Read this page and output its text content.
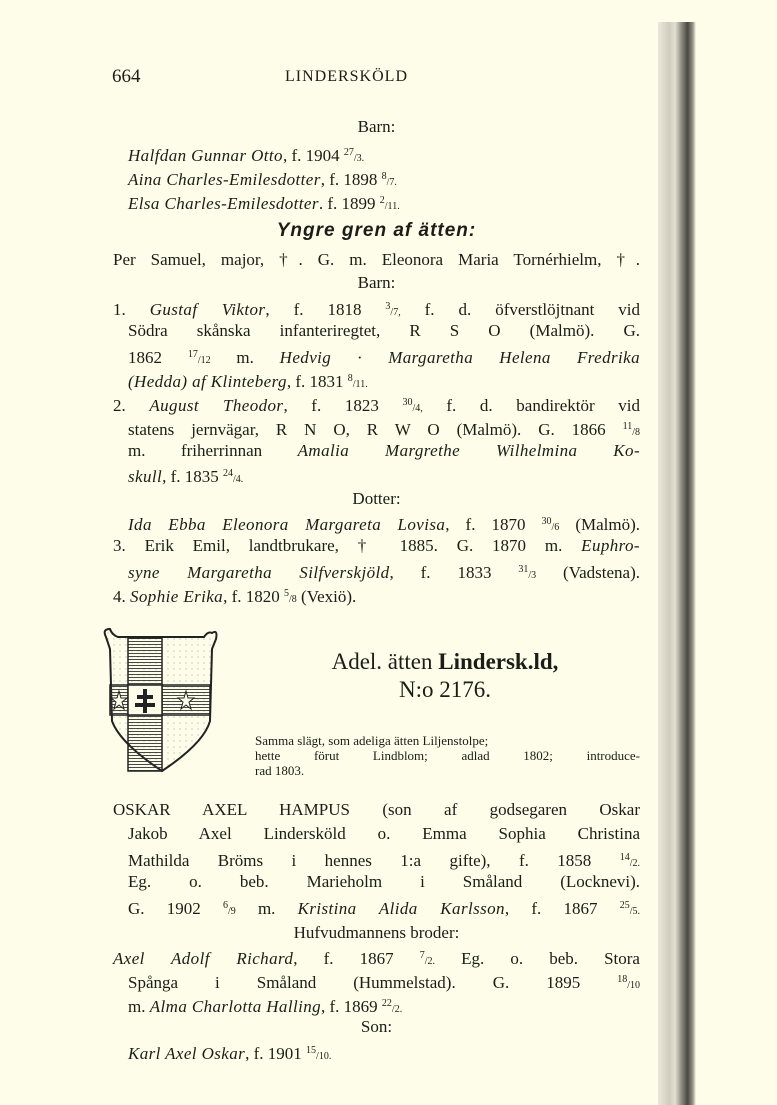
664	LINDERSKÖLD
Barn:
Halfdan Gunnar Otto, f. 1904 $^{27}$/3.
Aina Charles-Emilesdotter, f. 1898 $^8$/7.
Elsa Charles-Emilesdotter. f. 1899 $^2$/11.
Yngre gren af ätten:
Per Samuel, major, †. G. m. Eleonora Maria Tornérhielm, †.
Barn:
1. Gustaf Viktor, f. 1818 $^3$/7, f. d. öfverstlöjtnant vid
Södra skånska infanteriregtet, R S O (Malmö). G.
1862 $^{17}$/12 m. Hedvig · Margaretha Helena Fredrika
(Hedda) af Klinteberg, f. 1831 $^8$/11.
2. August Theodor, f. 1823 $^{30}$/4, f. d. bandirektör vid
statens jernvägar, R N O, R W O (Malmö). G. 1866 $^{11}$/8
m. friherrinnan Amalia Margrethe Wilhelmina Ko-
skull, f. 1835 $^{24}$/4.
Dotter:
Ida Ebba Eleonora Margareta Lovisa, f. 1870 $^{30}$/6 (Malmö).
3. Erik Emil, landtbrukare, † 1885. G. 1870 m. Euphro-
syne Margaretha Silfverskjöld, f. 1833 $^{31}$/3 (Vadstena).
4. Sophie Erika, f. 1820 $^5$/8 (Vexiö).
Adel. ätten Lindersk.ld,
N:o 2176.
Samma slägt, som adeliga ätten Liljenstolpe;
hette förut Lindblom; adlad 1802; introduce-
rad 1803.
OSKAR AXEL HAMPUS (son af godsegaren Oskar
Jakob Axel Lindersköld o. Emma Sophia Christina
Mathilda Bröms i hennes 1:a gifte), f. 1858 $^{14}$/2.
Eg. o. beb. Marieholm i Småland (Locknevi).
G. 1902 $^6$/9 m. Kristina Alida Karlsson, f. 1867 $^{25}$/5.
Hufvudmannens broder:
Axel Adolf Richard, f. 1867 $^7$/2. Eg. o. beb. Stora
Spånga i Småland (Hummelstad). G. 1895 $^{18}$/10
m. Alma Charlotta Halling, f. 1869 $^{22}$/2.
Son:
Karl Axel Oskar, f. 1901 $^{15}$/10.
